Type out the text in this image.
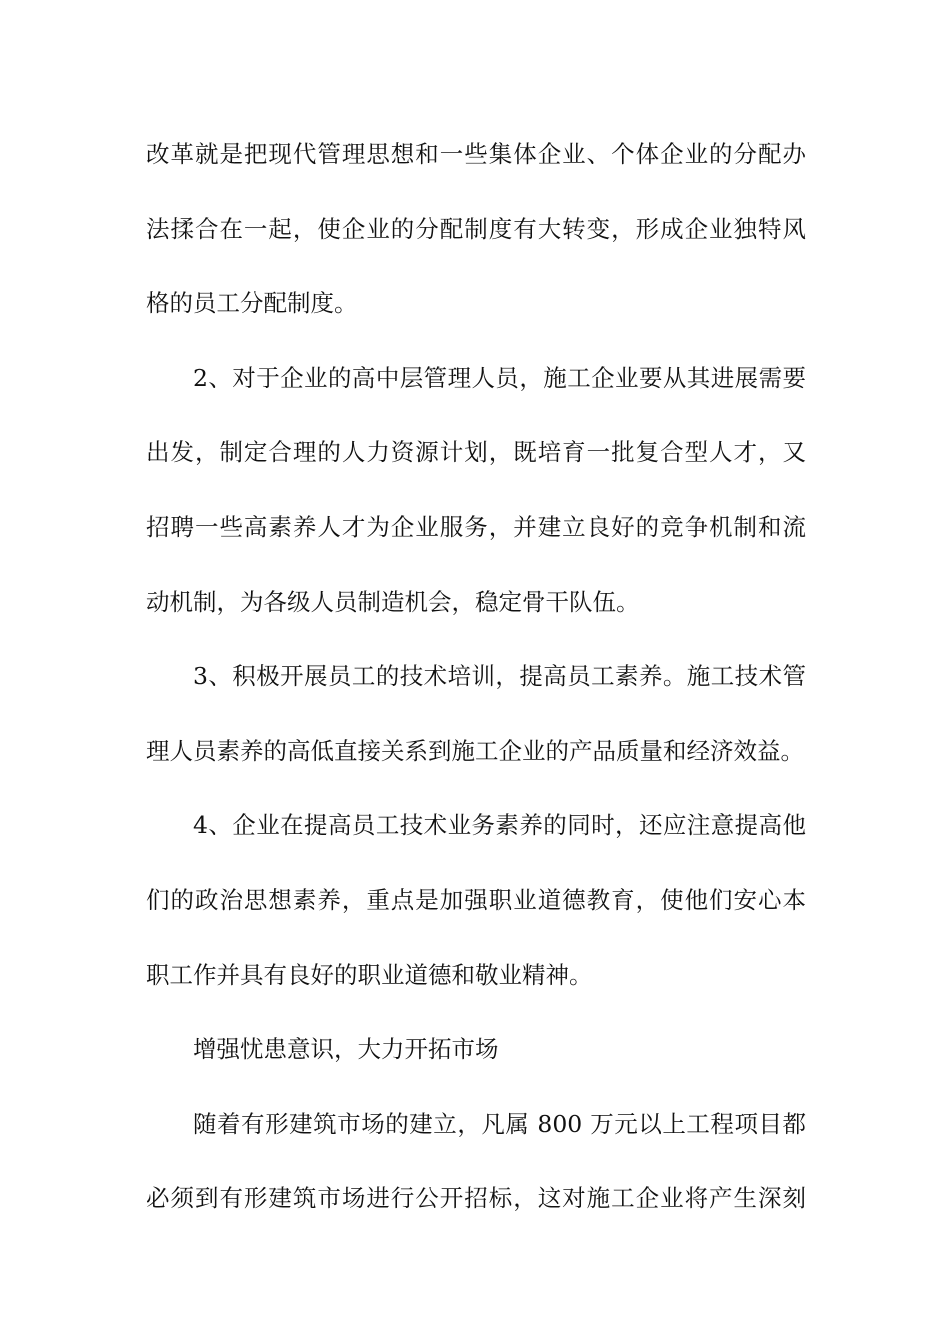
改革就是把现代管理思想和一些集体企业、个体企业的分配办
法揉合在一起，使企业的分配制度有大转变，形成企业独特风
格的员工分配制度。
2、对于企业的高中层管理人员，施工企业要从其进展需要
出发，制定合理的人力资源计划，既培育一批复合型人才，又
招聘一些高素养人才为企业服务，并建立良好的竞争机制和流
动机制，为各级人员制造机会，稳定骨干队伍。
3、积极开展员工的技术培训，提高员工素养。施工技术管
理人员素养的高低直接关系到施工企业的产品质量和经济效益。
4、企业在提高员工技术业务素养的同时，还应注意提高他
们的政治思想素养，重点是加强职业道德教育，使他们安心本
职工作并具有良好的职业道德和敬业精神。
增强忧患意识，大力开拓市场
随着有形建筑市场的建立，凡属 800 万元以上工程项目都
必须到有形建筑市场进行公开招标，这对施工企业将产生深刻
